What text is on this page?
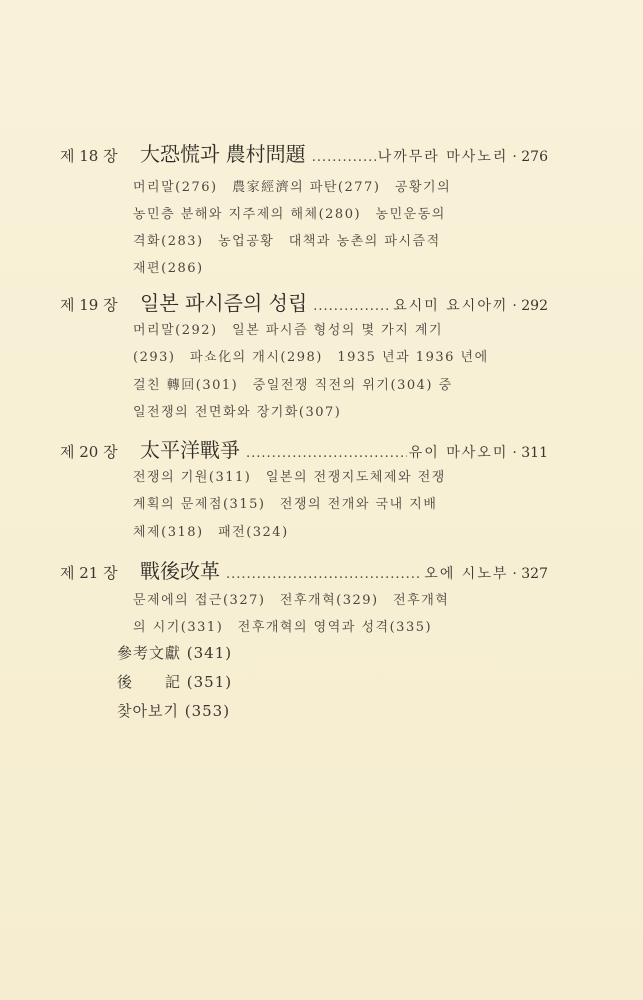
제 18 장	大恐慌과 農村問題 .....	나까무라 마사노리 · 276
머리말(276)　農家經濟의 파탄(277)　공황기의
농민층 분해와 지주제의 해체(280)　농민운동의
격화(283)　농업공황　대책과 농촌의 파시즘적
재편(286)
제 19 장	일본 파시즘의 성립 .....	요시미 요시아끼 · 292
머리말(292)　일본 파시즘 형성의 몇 가지 계기
(293)　파쇼化의 개시(298)　1935 년과 1936 년에
걸친 轉回(301)　중일전쟁 직전의 위기(304) 중
일전쟁의 전면화와 장기화(307)
제 20 장	太平洋戰爭 .....	유이 마사오미 · 311
전쟁의 기원(311)　일본의 전쟁지도체제와 전쟁
계획의 문제점(315)　전쟁의 전개와 국내 지배
체제(318)　패전(324)
제 21 장	戰後改革 .....	오에 시노부 · 327
문제에의 접근(327)　전후개혁(329)　전후개혁
의 시기(331)　전후개혁의 영역과 성격(335)
參考文獻 (341)
後　　記 (351)
찾아보기 (353)
